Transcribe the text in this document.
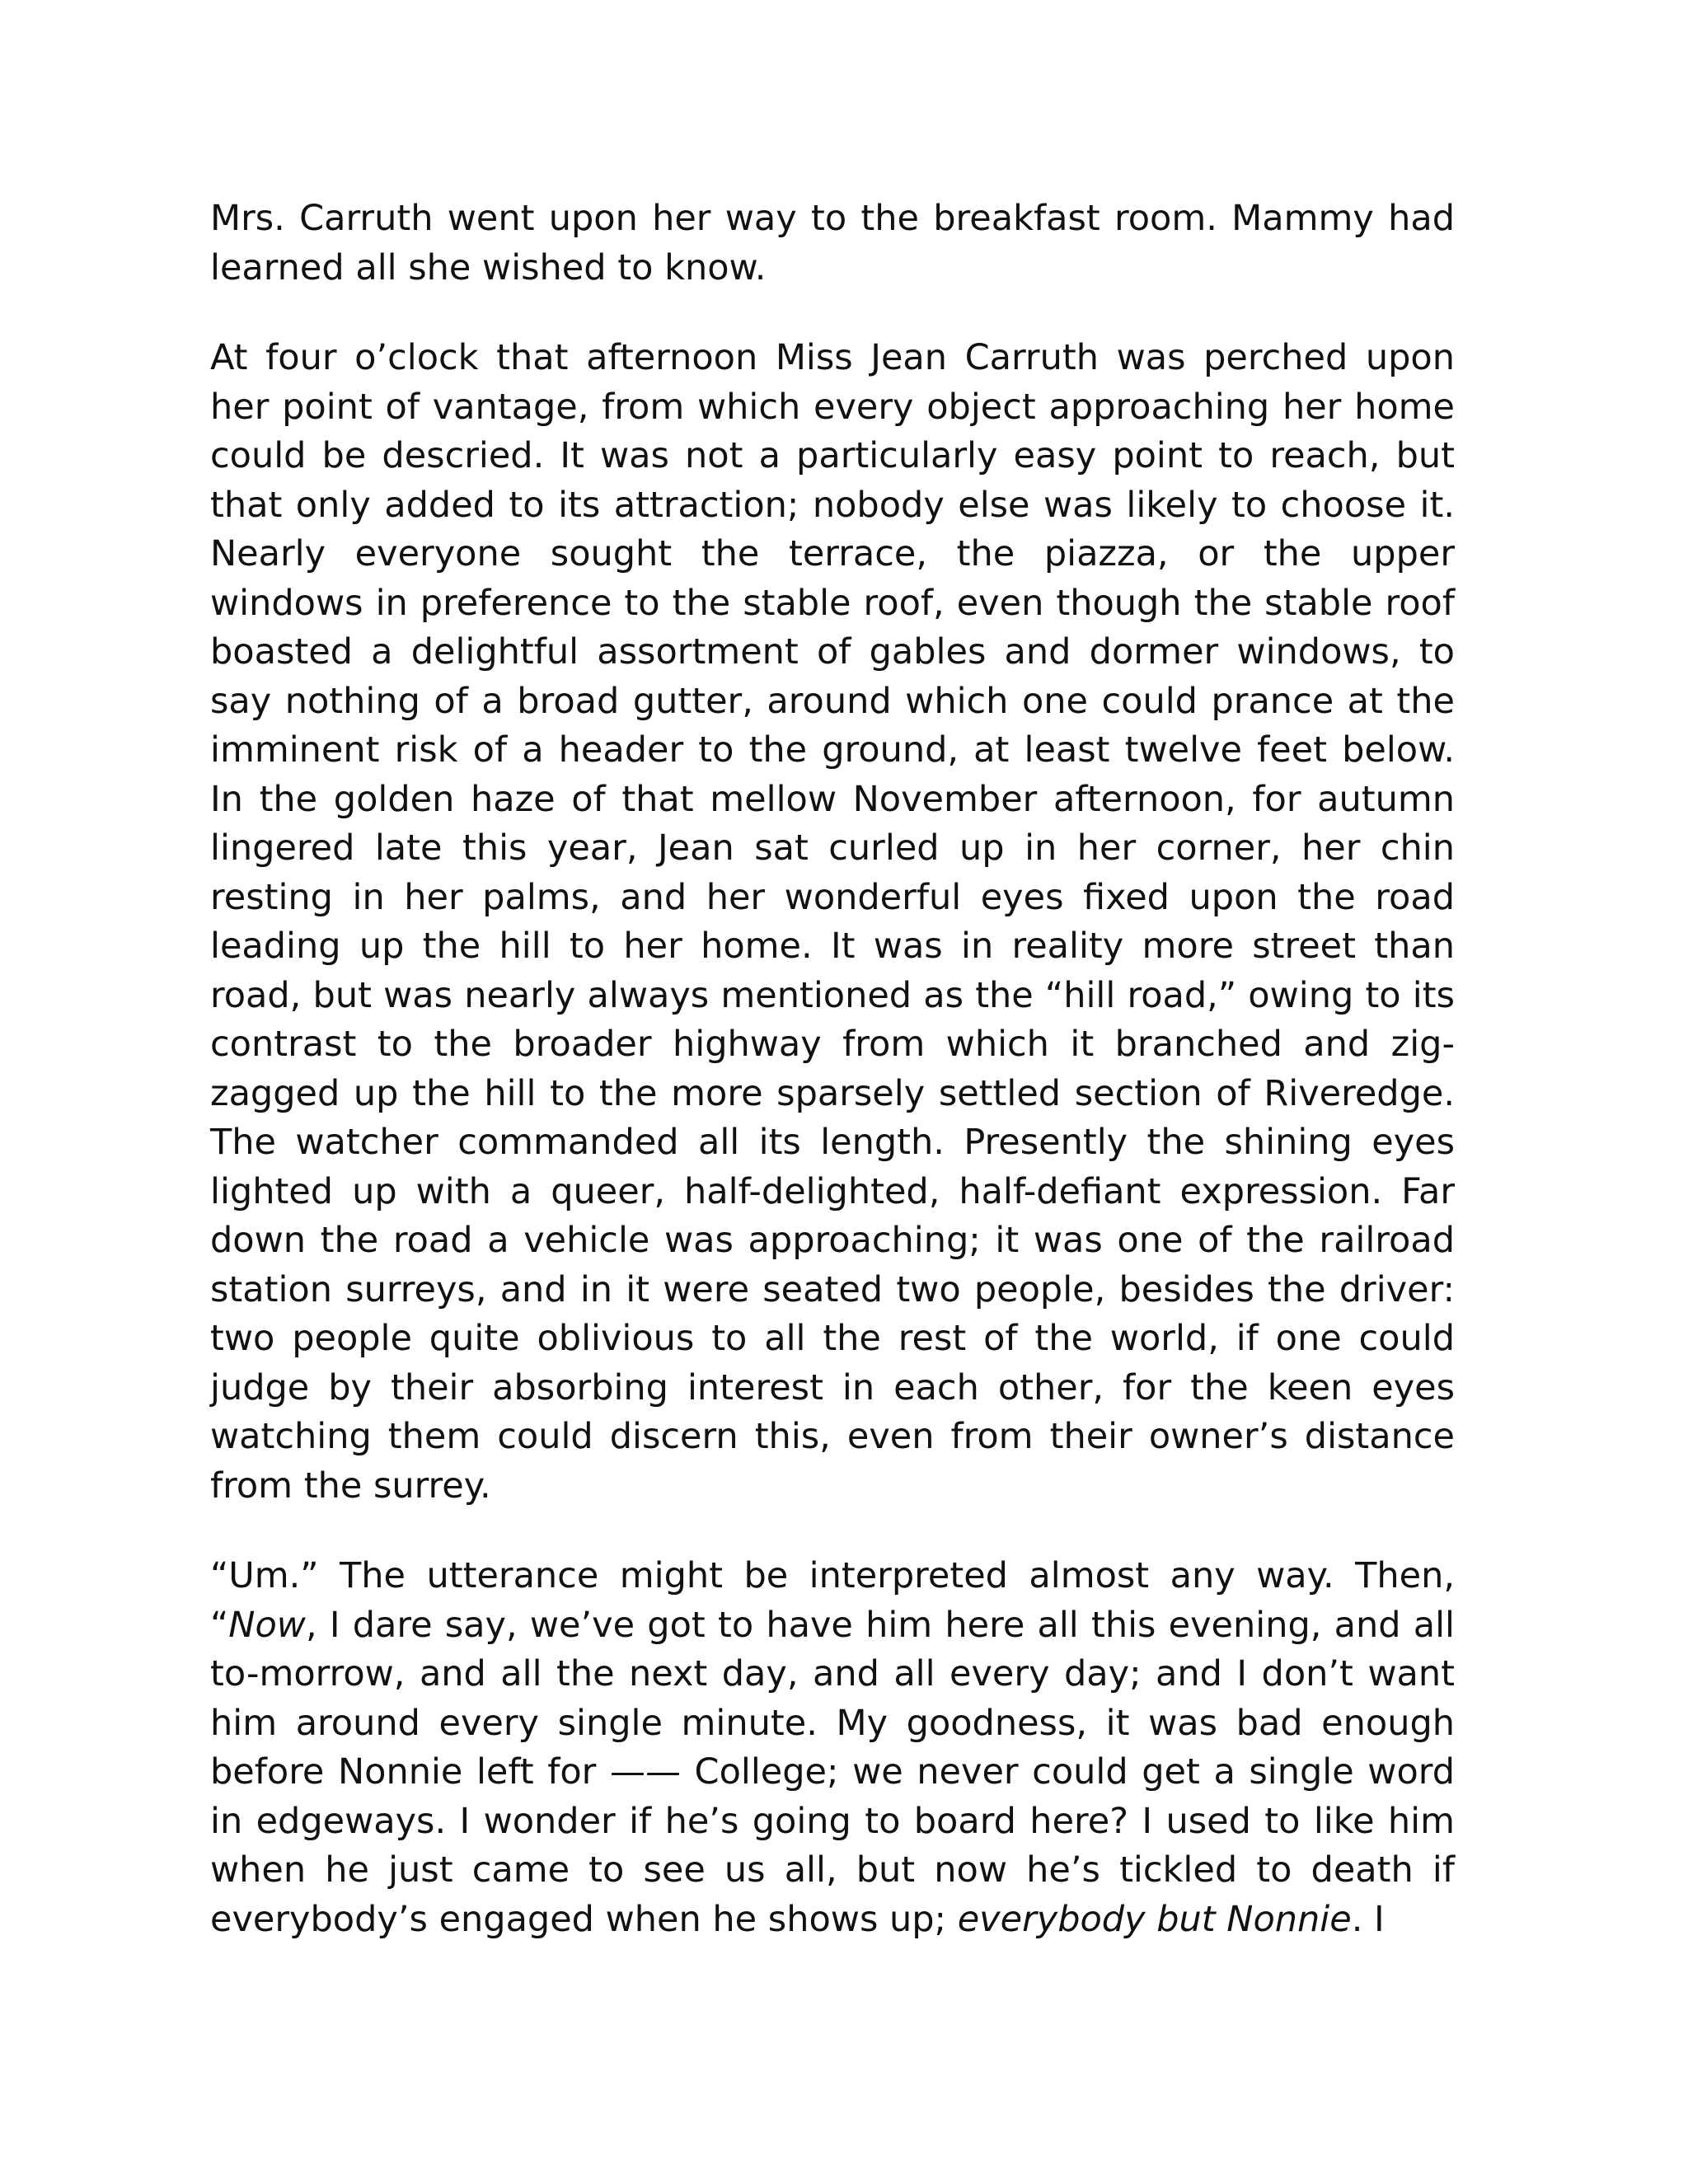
Mrs. Carruth went upon her way to the breakfast room. Mammy had learned all she wished to know.

At four o’clock that afternoon Miss Jean Carruth was perched upon her point of vantage, from which every object approaching her home could be descried. It was not a particularly easy point to reach, but that only added to its attraction; nobody else was likely to choose it. Nearly everyone sought the terrace, the piazza, or the upper windows in preference to the stable roof, even though the stable roof boasted a delightful assortment of gables and dormer windows, to say nothing of a broad gutter, around which one could prance at the imminent risk of a header to the ground, at least twelve feet below. In the golden haze of that mellow November afternoon, for autumn lingered late this year, Jean sat curled up in her corner, her chin resting in her palms, and her wonderful eyes fixed upon the road leading up the hill to her home. It was in reality more street than road, but was nearly always mentioned as the “hill road,” owing to its contrast to the broader highway from which it branched and zig-zagged up the hill to the more sparsely settled section of Riveredge. The watcher commanded all its length. Presently the shining eyes lighted up with a queer, half-delighted, half-defiant expression. Far down the road a vehicle was approaching; it was one of the railroad station surreys, and in it were seated two people, besides the driver: two people quite oblivious to all the rest of the world, if one could judge by their absorbing interest in each other, for the keen eyes watching them could discern this, even from their owner’s distance from the surrey.

“Um.” The utterance might be interpreted almost any way. Then, “Now, I dare say, we’ve got to have him here all this evening, and all to-morrow, and all the next day, and all every day; and I don’t want him around every single minute. My goodness, it was bad enough before Nonnie left for —— College; we never could get a single word in edgeways. I wonder if he’s going to board here? I used to like him when he just came to see us all, but now he’s tickled to death if everybody’s engaged when he shows up; everybody but Nonnie. I
